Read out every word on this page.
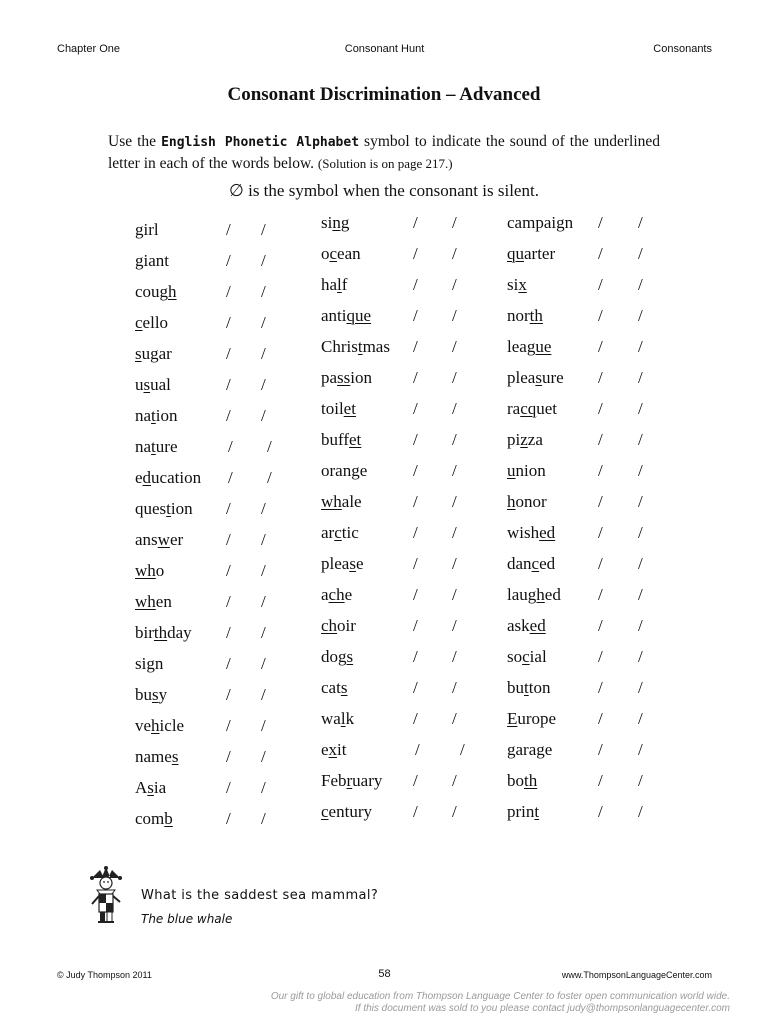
Chapter One	Consonant Hunt	Consonants
Consonant Discrimination – Advanced
Use the English Phonetic Alphabet symbol to indicate the sound of the underlined letter in each of the words below. (Solution is on page 217.)
∅ is the symbol when the consonant is silent.
girl	/ /
giant	/ /
cough	/ /
cello	/ /
sugar	/ /
usual	/ /
nation	/ /
nature	/ /
education / /
question / /
answer	/ /
who	/ /
when	/ /
birthday / /
sign	/ /
busy	/ /
vehicle / /
names	/ /
Asia	/ /
comb	/ /
sing	/ /
ocean	/ /
half	/ /
antique / /
Christmas / /
passion / /
toilet	/ /
buffet	/ /
orange	/ /
whale	/ /
arctic	/ /
please	/ /
ache	/ /
choir	/ /
dogs	/ /
cats	/ /
walk	/ /
exit	/ /
February / /
century / /
campaign / /
quarter	/ /
six	/ /
north	/ /
league	/ /
pleasure / /
racquet / /
pizza	/ /
union	/ /
honor	/ /
wished	/ /
danced	/ /
laughed / /
asked	/ /
social	/ /
button	/ /
Europe / /
garage	/ /
both	/ /
print	/ /
What is the saddest sea mammal?
The blue whale
© Judy Thompson 2011	58	www.ThompsonLanguageCenter.com
Our gift to global education from Thompson Language Center to foster open communication world wide.
If this document was sold to you please contact judy@thompsonlanguagecenter.com
